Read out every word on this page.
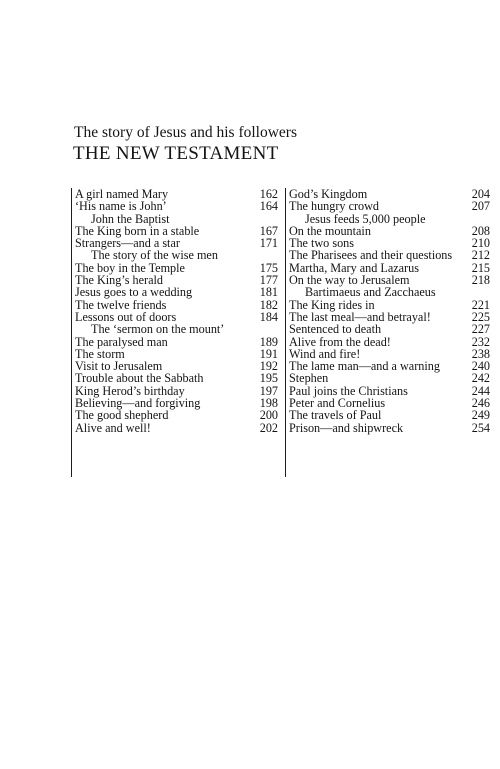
The story of Jesus and his followers
THE NEW TESTAMENT
A girl named Mary	162
‘His name is John’	164
John the Baptist
The King born in a stable	167
Strangers—and a star	171
The story of the wise men
The boy in the Temple	175
The King’s herald	177
Jesus goes to a wedding	181
The twelve friends	182
Lessons out of doors	184
The ‘sermon on the mount’
The paralysed man	189
The storm	191
Visit to Jerusalem	192
Trouble about the Sabbath	195
King Herod’s birthday	197
Believing—and forgiving	198
The good shepherd	200
Alive and well!	202
God’s Kingdom	204
The hungry crowd	207
Jesus feeds 5,000 people
On the mountain	208
The two sons	210
The Pharisees and their questions 212
Martha, Mary and Lazarus	215
On the way to Jerusalem	218
Bartimaeus and Zacchaeus
The King rides in	221
The last meal—and betrayal!	225
Sentenced to death	227
Alive from the dead!	232
Wind and fire!	238
The lame man—and a warning	240
Stephen	242
Paul joins the Christians	244
Peter and Cornelius	246
The travels of Paul	249
Prison—and shipwreck	254
